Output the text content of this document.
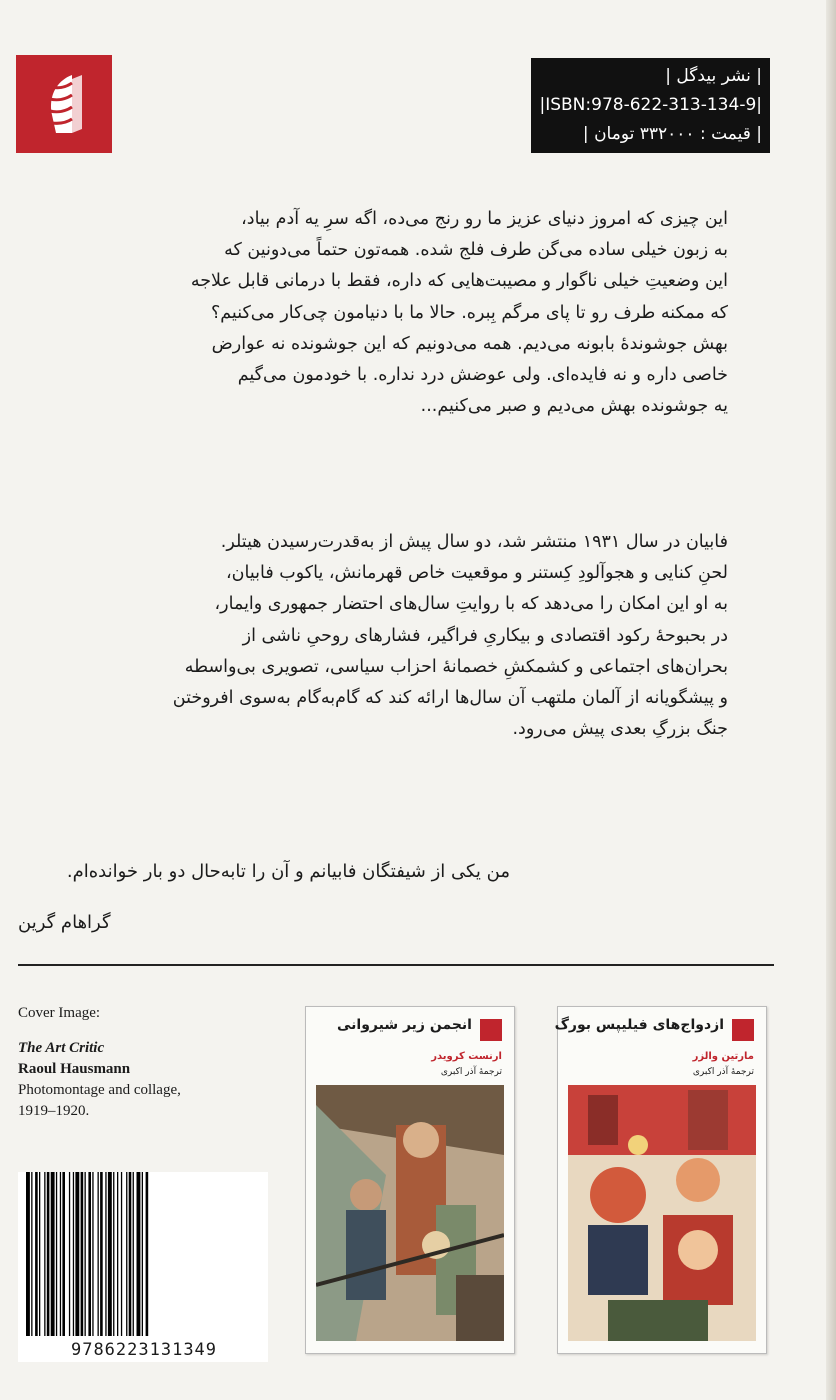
| نشر بیدگل |
|ISBN:978-622-313-134-9|
| قیمت : ۳۳۲۰۰۰ تومان |

این چیزی که امروز دنیای عزیز ما رو رنج می‌ده، اگه سرِ یه آدم بیاد،

به زبون خیلی ساده می‌گن طرف فلج شده. همه‌تون حتماً می‌دونین که

این وضعیتِ خیلی ناگوار و مصیبت‌هایی که داره، فقط با درمانی قابل علاجه

که ممکنه طرف رو تا پای مرگم بِبره. حالا ما با دنیامون چی‌کار می‌کنیم؟

بهش جوشوندهٔ بابونه می‌دیم. همه می‌دونیم که این جوشونده نه عوارض

خاصی داره و نه فایده‌ای. ولی عوضش درد نداره. با خودمون می‌گیم

یه جوشونده بهش می‌دیم و صبر می‌کنیم...

فابیان در سال ۱۹۳۱ منتشر شد، دو سال پیش از به‌قدرت‌رسیدن هیتلر.

لحنِ کنایی و هجوآلودِ کِستنر و موقعیت خاص قهرمانش، یاکوب فابیان،

به او این امکان را می‌دهد که با روایتِ سال‌های احتضار جمهوری وایمار،

در بحبوحهٔ رکود اقتصادی و بیکاریِ فراگیر، فشارهای روحیِ ناشی از

بحران‌های اجتماعی و کشمکشِ خصمانهٔ احزاب سیاسی، تصویری بی‌واسطه

و پیشگویانه از آلمان ملتهب آن سال‌ها ارائه کند که گام‌به‌گام به‌سوی افروختن

جنگ بزرگِ بعدی پیش می‌رود.

من یکی از شیفتگان فابیانم و آن را تابه‌حال دو بار خوانده‌ام.
گراهام گرین
Cover Image:
The Art Critic
Raoul Hausmann
Photomontage and collage,
1919–1920.
9786223131349
انجمن زیر شیروانی
ارنست کرویدر
ترجمهٔ آذر اکبری
ازدواج‌های فیلیپس بورگ
مارتین والزر
ترجمهٔ آذر اکبری
